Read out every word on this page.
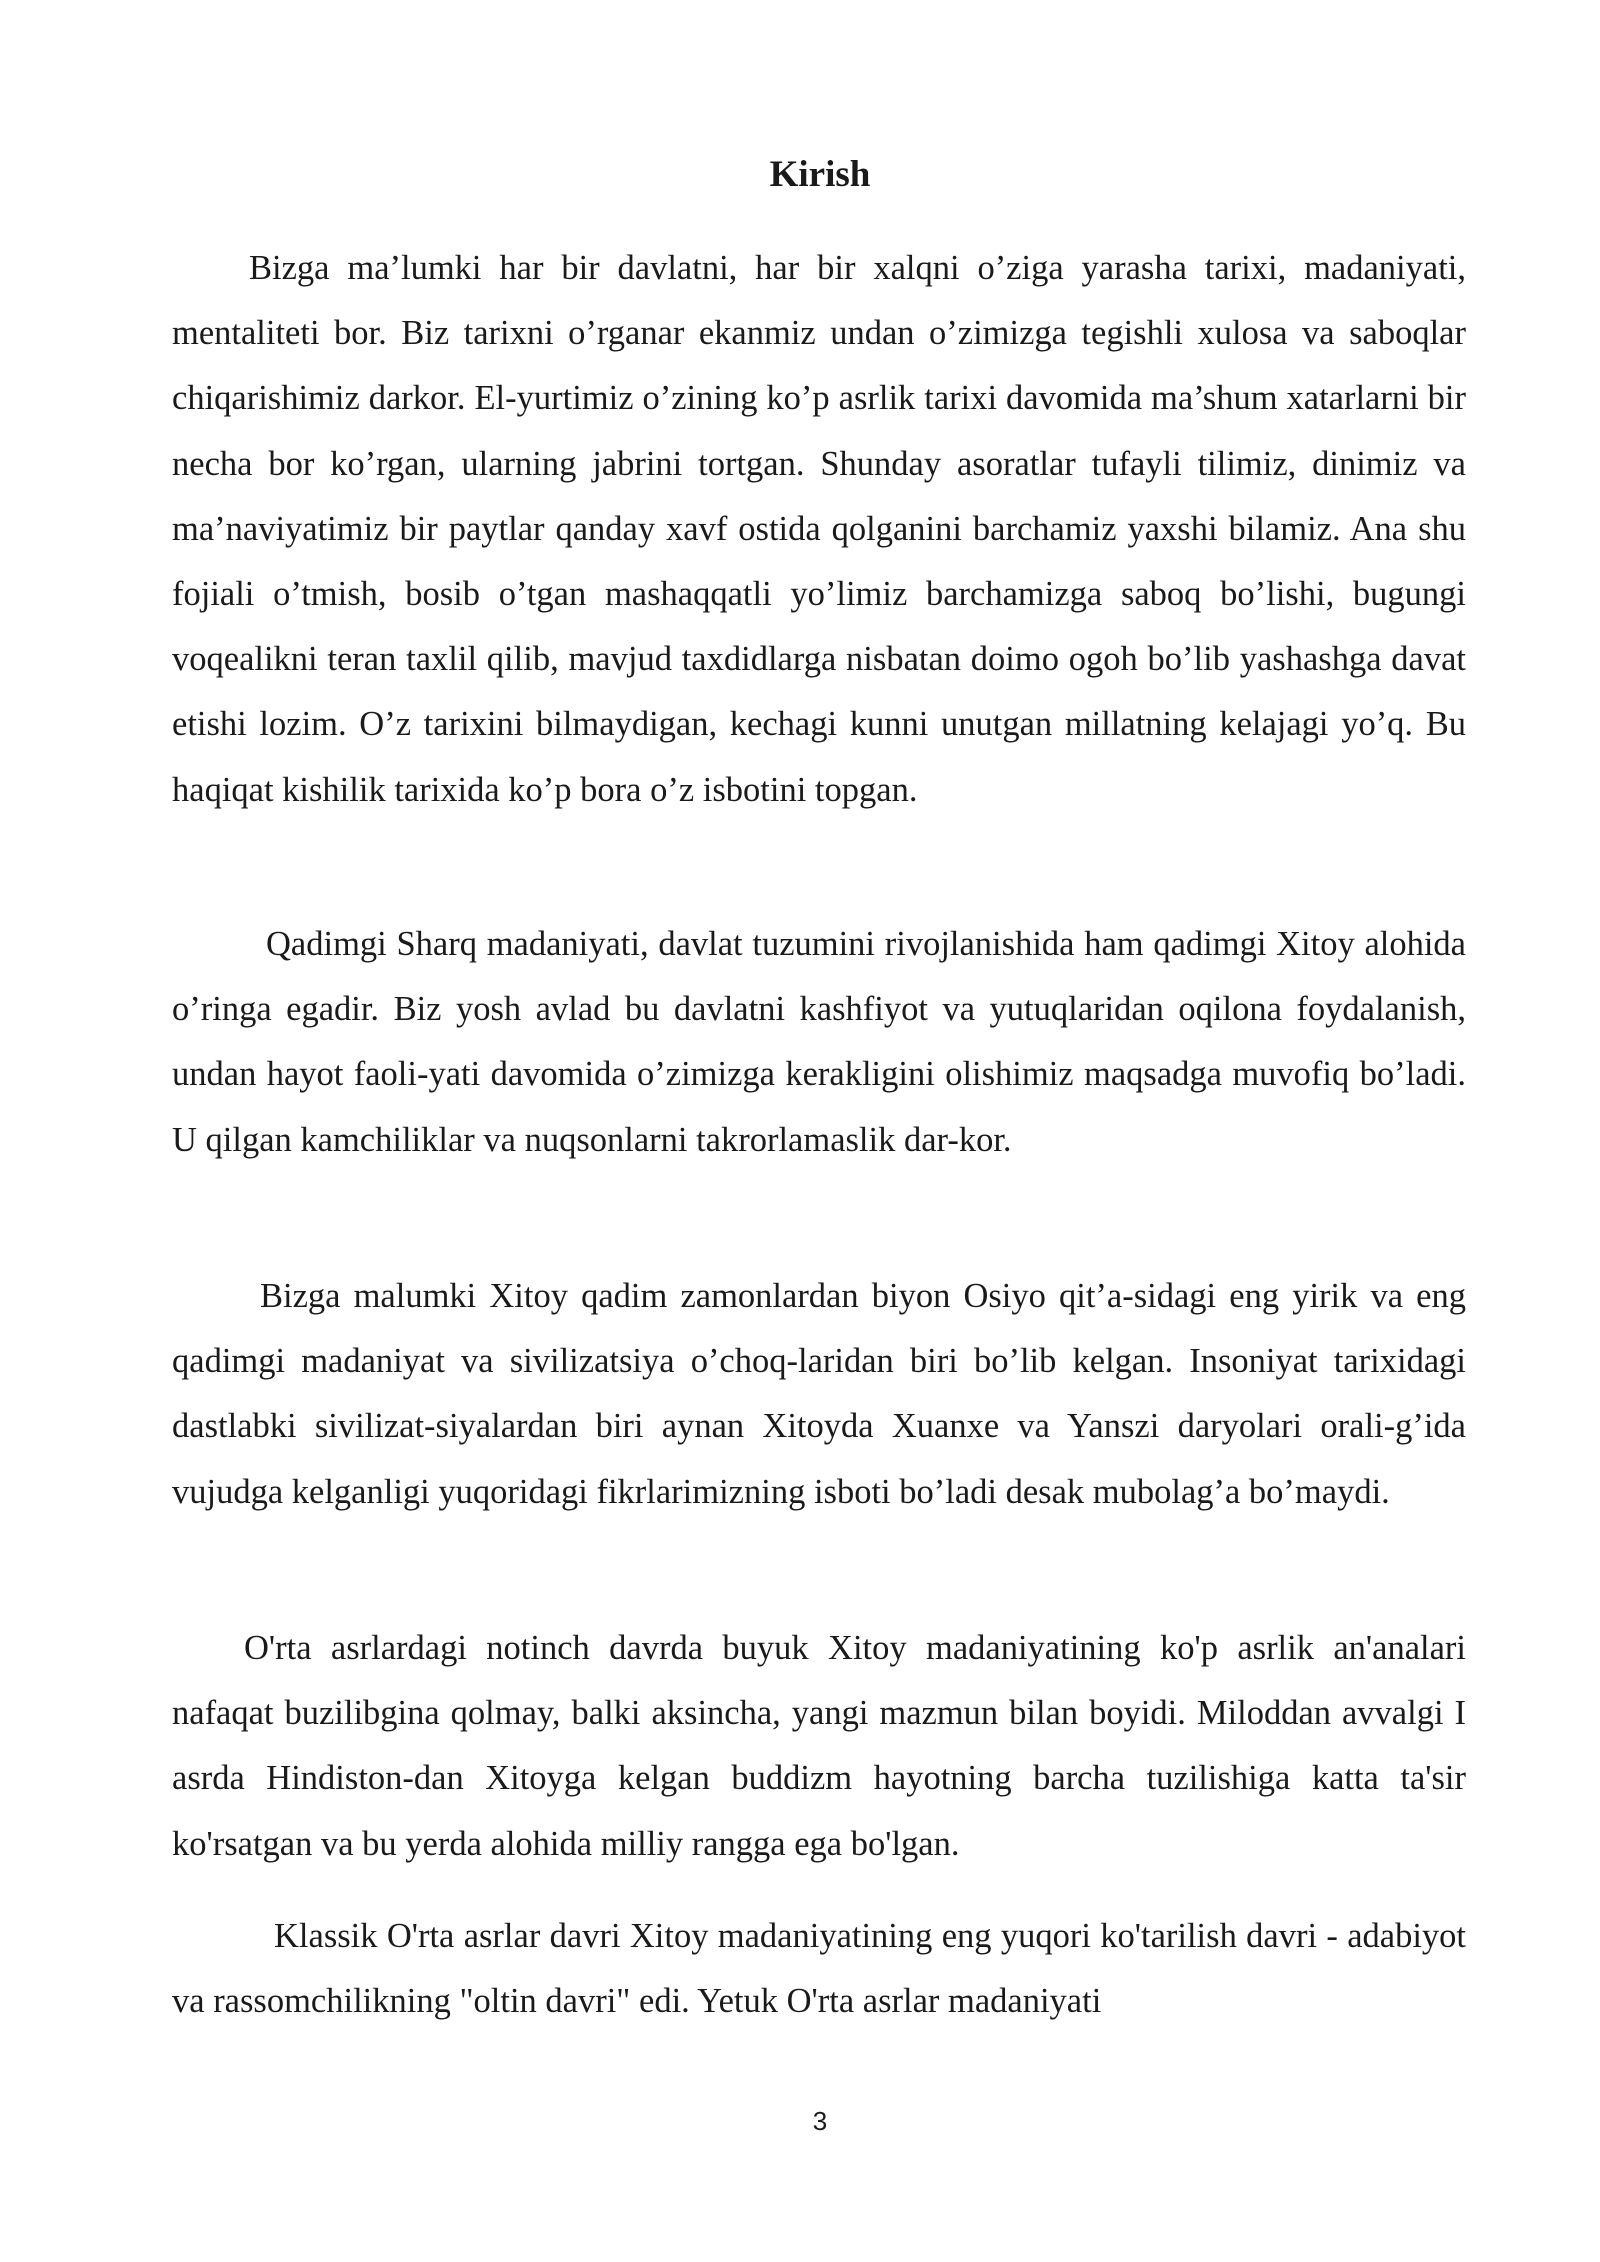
Kirish

Bizga ma’lumki har bir davlatni, har bir xalqni o’ziga yarasha tarixi, madaniyati, mentaliteti bor. Biz tarixni o’rganar ekanmiz undan o’zimizga tegishli xulosa va saboqlar chiqarishimiz darkor. El-yurtimiz o’zining ko’p asrlik tarixi davomida ma’shum xatarlarni bir necha bor ko’rgan, ularning jabrini tortgan. Shunday asoratlar tufayli tilimiz, dinimiz va ma’naviyatimiz bir paytlar qanday xavf ostida qolganini barchamiz yaxshi bilamiz. Ana shu fojiali o’tmish, bosib o’tgan mashaqqatli yo’limiz barchamizga saboq bo’lishi, bugungi voqealikni teran taxlil qilib, mavjud taxdidlarga nisbatan doimo ogoh bo’lib yashashga davat etishi lozim. O’z tarixini bilmaydigan, kechagi kunni unutgan millatning kelajagi yo’q. Bu haqiqat kishilik tarixida ko’p bora o’z isbotini topgan.

Qadimgi Sharq madaniyati, davlat tuzumini rivojlanishida ham qadimgi Xitoy alohida o’ringa egadir. Biz yosh avlad bu davlatni kashfiyot va yutuqlaridan oqilona foydalanish, undan hayot faoli-yati davomida o’zimizga kerakligini olishimiz maqsadga muvofiq bo’ladi. U qilgan kamchiliklar va nuqsonlarni takrorlamaslik dar-kor.

Bizga malumki Xitoy qadim zamonlardan biyon Osiyo qit’a-sidagi eng yirik va eng qadimgi madaniyat va sivilizatsiya o’choq-laridan biri bo’lib kelgan. Insoniyat tarixidagi dastlabki sivilizat-siyalardan biri aynan Xitoyda Xuanxe va Yanszi daryolari orali-g’ida vujudga kelganligi yuqoridagi fikrlarimizning isboti bo’ladi desak mubolag’a bo’maydi.

O'rta asrlardagi notinch davrda buyuk Xitoy madaniyatining ko'p asrlik an'analari nafaqat buzilibgina qolmay, balki aksincha, yangi mazmun bilan boyidi. Miloddan avvalgi I asrda Hindiston-dan Xitoyga kelgan buddizm hayotning barcha tuzilishiga katta ta'sir ko'rsatgan va bu yerda alohida milliy rangga ega bo'lgan.

Klassik O'rta asrlar davri Xitoy madaniyatining eng yuqori ko'tarilish davri - adabiyot va rassomchilikning "oltin davri" edi. Yetuk O'rta asrlar madaniyati

3
